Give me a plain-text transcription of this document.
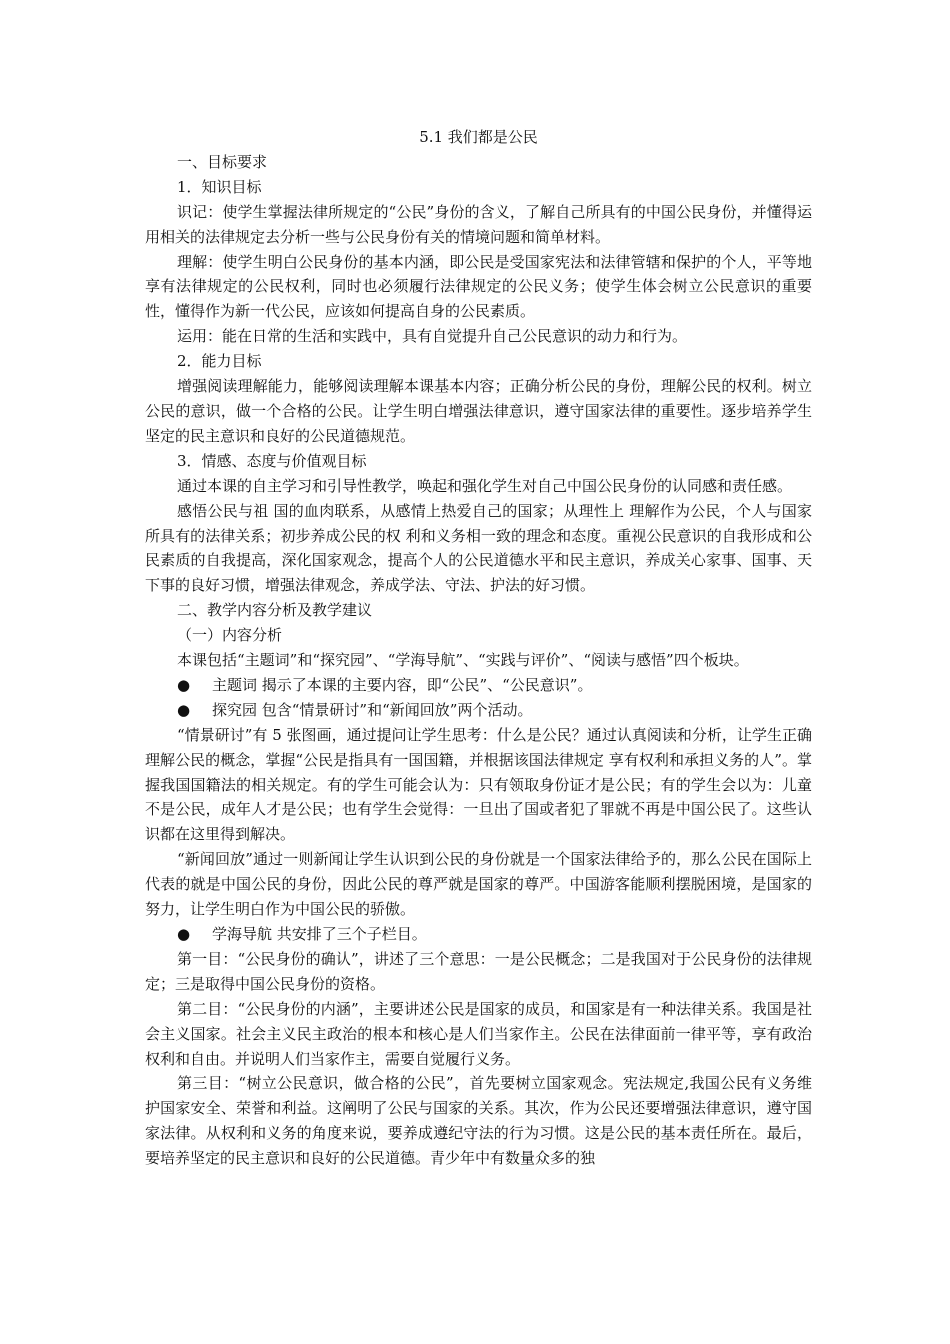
5.1 我们都是公民

一、目标要求

1．知识目标

识记：使学生掌握法律所规定的“公民”身份的含义，了解自己所具有的中国公民身份，并懂得运用相关的法律规定去分析一些与公民身份有关的情境问题和简单材料。

理解：使学生明白公民身份的基本内涵，即公民是受国家宪法和法律管辖和保护的个人，平等地享有法律规定的公民权利，同时也必须履行法律规定的公民义务；使学生体会树立公民意识的重要性，懂得作为新一代公民，应该如何提高自身的公民素质。

运用：能在日常的生活和实践中，具有自觉提升自己公民意识的动力和行为。

2．能力目标

增强阅读理解能力，能够阅读理解本课基本内容；正确分析公民的身份，理解公民的权利。树立公民的意识，做一个合格的公民。让学生明白增强法律意识，遵守国家法律的重要性。逐步培养学生坚定的民主意识和良好的公民道德规范。

3．情感、态度与价值观目标

通过本课的自主学习和引导性教学，唤起和强化学生对自己中国公民身份的认同感和责任感。

感悟公民与祖 国的血肉联系，从感情上热爱自己的国家；从理性上 理解作为公民，个人与国家所具有的法律关系；初步养成公民的权 利和义务相一致的理念和态度。重视公民意识的自我形成和公民素质的自我提高，深化国家观念，提高个人的公民道德水平和民主意识，养成关心家事、国事、天下事的良好习惯，增强法律观念，养成学法、守法、护法的好习惯。

二、教学内容分析及教学建议

（一）内容分析

本课包括“主题词”和“探究园”、“学海导航”、“实践与评价”、“阅读与感悟”四个板块。

● 主题词 揭示了本课的主要内容，即“公民”、“公民意识”。

● 探究园 包含“情景研讨”和“新闻回放”两个活动。

“情景研讨”有 5 张图画，通过提问让学生思考：什么是公民？通过认真阅读和分析，让学生正确理解公民的概念，掌握“公民是指具有一国国籍，并根据该国法律规定 享有权利和承担义务的人”。掌握我国国籍法的相关规定。有的学生可能会认为：只有领取身份证才是公民；有的学生会以为：儿童不是公民，成年人才是公民；也有学生会觉得：一旦出了国或者犯了罪就不再是中国公民了。这些认识都在这里得到解决。

“新闻回放”通过一则新闻让学生认识到公民的身份就是一个国家法律给予的，那么公民在国际上代表的就是中国公民的身份，因此公民的尊严就是国家的尊严。中国游客能顺利摆脱困境，是国家的努力，让学生明白作为中国公民的骄傲。

● 学海导航 共安排了三个子栏目。

第一目：“公民身份的确认”，讲述了三个意思：一是公民概念；二是我国对于公民身份的法律规定；三是取得中国公民身份的资格。

第二目：“公民身份的内涵”，主要讲述公民是国家的成员，和国家是有一种法律关系。我国是社会主义国家。社会主义民主政治的根本和核心是人们当家作主。公民在法律面前一律平等，享有政治权利和自由。并说明人们当家作主，需要自觉履行义务。

第三目：“树立公民意识，做合格的公民”，首先要树立国家观念。宪法规定,我国公民有义务维护国家安全、荣誉和利益。这阐明了公民与国家的关系。其次，作为公民还要增强法律意识，遵守国家法律。从权利和义务的角度来说，要养成遵纪守法的行为习惯。这是公民的基本责任所在。最后，要培养坚定的民主意识和良好的公民道德。青少年中有数量众多的独
